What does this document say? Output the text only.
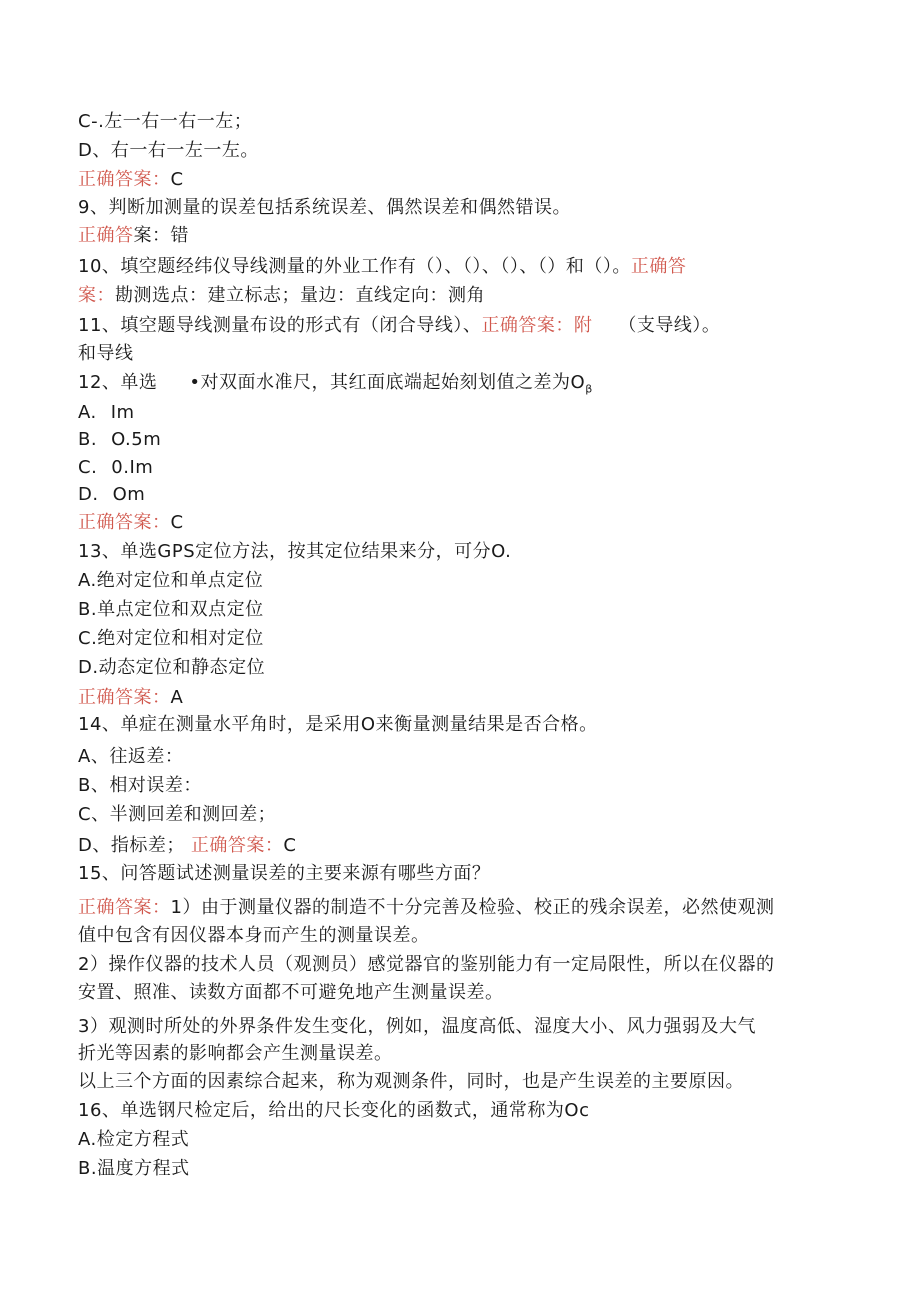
C-.左一右一右一左；
D、右一右一左一左。
正确答案：C
9、判断加测量的误差包括系统误差、偶然误差和偶然错误。
正确答案：错
10、填空题经纬仪导线测量的外业工作有（）、（）、（）、（）和（）。正确答
案：勘测选点：建立标志；量边：直线定向：测角
11、填空题导线测量布设的形式有（闭合导线）、正确答案：附 （支导线）。
和导线
12、单选 •对双面水准尺，其红面底端起始刻划值之差为$O_\beta$
A. Im
B. O.5m
C. 0.Im
D. Om
正确答案：C
13、单选GPS定位方法，按其定位结果来分，可分O.
A.绝对定位和单点定位
B.单点定位和双点定位
C.绝对定位和相对定位
D.动态定位和静态定位
正确答案：A
14、单症在测量水平角时，是采用O来衡量测量结果是否合格。
A、往返差：
B、相对误差：
C、半测回差和测回差；
D、指标差； 正确答案：C
15、问答题试述测量误差的主要来源有哪些方面？
正确答案：1）由于测量仪器的制造不十分完善及检验、校正的残余误差，必然使观测
值中包含有因仪器本身而产生的测量误差。
2）操作仪器的技术人员（观测员）感觉器官的鉴别能力有一定局限性，所以在仪器的
安置、照准、读数方面都不可避免地产生测量误差。
3）观测时所处的外界条件发生变化，例如，温度高低、湿度大小、风力强弱及大气
折光等因素的影响都会产生测量误差。
以上三个方面的因素综合起来，称为观测条件，同时，也是产生误差的主要原因。
16、单选钢尺检定后，给出的尺长变化的函数式，通常称为Oc
A.检定方程式
B.温度方程式
